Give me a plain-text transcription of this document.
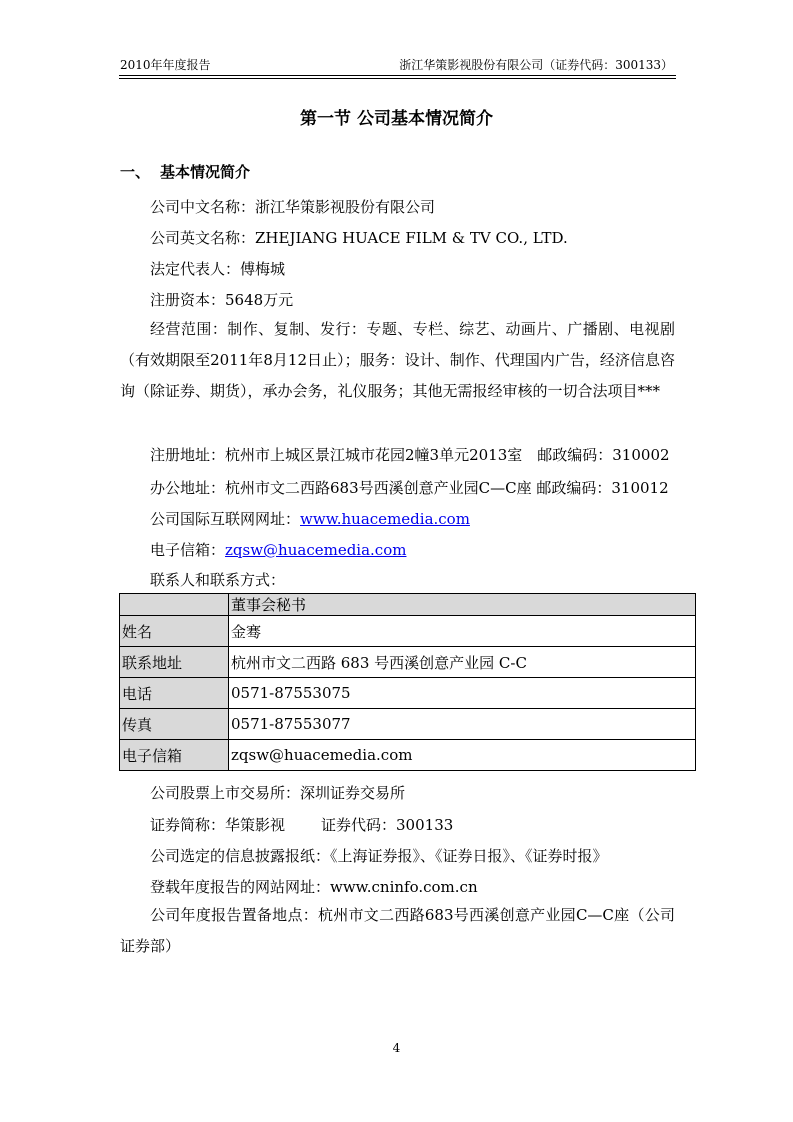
2010年年度报告	浙江华策影视股份有限公司（证券代码：300133）
第一节 公司基本情况简介
一、 基本情况简介
公司中文名称：浙江华策影视股份有限公司
公司英文名称：ZHEJIANG HUACE FILM & TV CO., LTD.
法定代表人：傅梅城
注册资本：5648万元
经营范围：制作、复制、发行：专题、专栏、综艺、动画片、广播剧、电视剧（有效期限至2011年8月12日止）；服务：设计、制作、代理国内广告，经济信息咨询（除证券、期货），承办会务，礼仪服务；其他无需报经审核的一切合法项目***
注册地址：杭州市上城区景江城市花园2幢3单元2013室　邮政编码：310002
办公地址：杭州市文二西路683号西溪创意产业园C—C座 邮政编码：310012
公司国际互联网网址：www.huacemedia.com
电子信箱：zqsw@huacemedia.com
联系人和联系方式：
	董事会秘书
姓名	金骞
联系地址	杭州市文二西路 683 号西溪创意产业园 C-C
电话	0571-87553075
传真	0571-87553077
电子信箱	zqsw@huacemedia.com
公司股票上市交易所：深圳证券交易所
证券简称：华策影视 证券代码：300133
公司选定的信息披露报纸：《上海证券报》、《证券日报》、《证券时报》
登载年度报告的网站网址：www.cninfo.com.cn
公司年度报告置备地点：杭州市文二西路683号西溪创意产业园C—C座（公司证券部）
4
